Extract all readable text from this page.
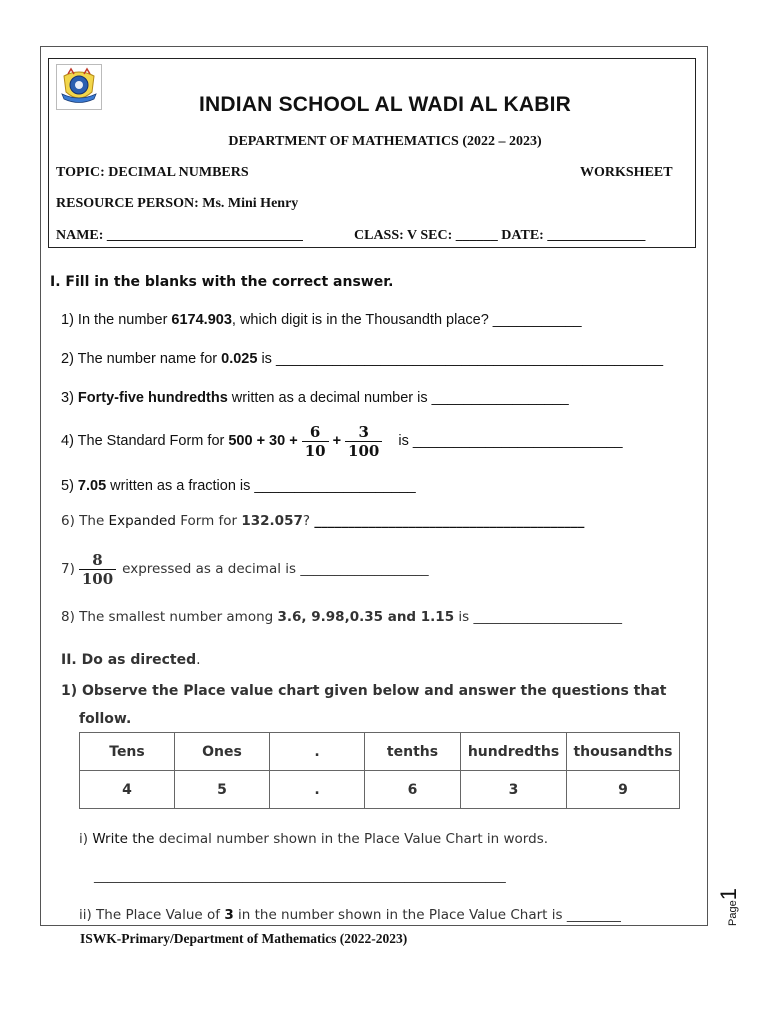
INDIAN SCHOOL AL WADI AL KABIR
DEPARTMENT OF MATHEMATICS (2022 – 2023)
TOPIC: DECIMAL NUMBERS	WORKSHEET
RESOURCE PERSON: Ms. Mini Henry
NAME: ____________________________	CLASS: V SEC: ______ DATE: ______________
I. Fill in the blanks with the correct answer.
1) In the number 6174.903, which digit is in the Thousandth place? ___________
2) The number name for 0.025 is ________________________________________________
3) Forty-five hundredths written as a decimal number is _________________
4) The Standard Form for $500 + 30 + \frac{6}{10} + \frac{3}{100}$ is __________________________
5) 7.05 written as a fraction is ____________________
6) The Expanded Form for 132.057? ________________________________________
$7) \frac{8}{100}$ expressed as a decimal is ___________________
8) The smallest number among 3.6, 9.98,0.35 and 1.15 is ______________________
II. Do as directed.
1) Observe the Place value chart given below and answer the questions that
follow.
Tens	Ones	.	tenths	hundredths	thousandths
4	5	.	6	3	9
i) Write the decimal number shown in the Place Value Chart in words.
_____________________________________________________________
ii) The Place Value of 3 in the number shown in the Place Value Chart is ________
ISWK-Primary/Department of Mathematics (2022-2023)
Page1
